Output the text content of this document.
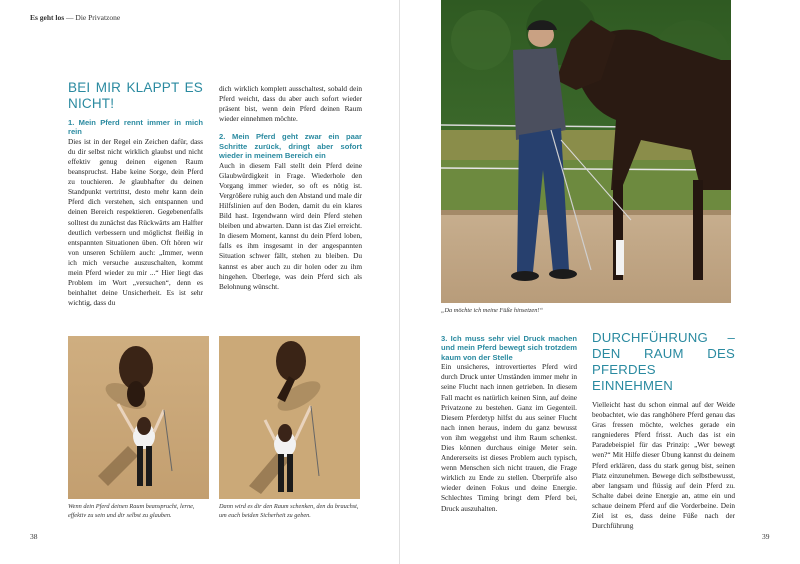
Es geht los — Die Privatzone
BEI MIR KLAPPT ES NICHT!

1. Mein Pferd rennt immer in mich rein

Dies ist in der Regel ein Zeichen dafür, dass du dir selbst nicht wirklich glaubst und nicht effektiv genug deinen eigenen Raum beanspruchst. Habe keine Sorge, dein Pferd zu touchieren. Je glaubhafter du deinen Standpunkt vertrittst, desto mehr kann dein Pferd dich verstehen, sich entspannen und deinen Bereich respektieren. Gegebenenfalls solltest du zunächst das Rückwärts am Halfter deutlich verbessern und möglichst fleißig in entspannten Situationen üben. Oft hören wir von unseren Schülern auch: „Immer, wenn ich mich versuche auszuschalten, kommt mein Pferd wieder zu mir ...“ Hier liegt das Problem im Wort „versuchen“, denn es beinhaltet deine Unsicherheit. Es ist sehr wichtig, dass du

dich wirklich komplett ausschaltest, sobald dein Pferd weicht, dass du aber auch sofort wieder präsent bist, wenn dein Pferd deinen Raum wieder einnehmen möchte.

2. Mein Pferd geht zwar ein paar Schritte zurück, dringt aber sofort wieder in meinem Bereich ein

Auch in diesem Fall stellt dein Pferd deine Glaubwürdigkeit in Frage. Wiederhole den Vorgang immer wieder, so oft es nötig ist. Vergrößere ruhig auch den Abstand und male dir Hilfslinien auf den Boden, damit du ein klares Bild hast. Irgendwann wird dein Pferd stehen bleiben und abwarten. Dann ist das Ziel erreicht. In diesem Moment, kannst du dein Pferd loben, falls es ihm insgesamt in der angespannten Situation schwer fällt, stehen zu bleiben. Du kannst es aber auch zu dir holen oder zu ihm hingehen. Überlege, was dein Pferd sich als Belohnung wünscht.

Wenn dein Pferd deinen Raum beansprucht, lerne, effektiv zu sein und dir selbst zu glauben.
Dann wird es dir den Raum schenken, den du brauchst, um euch beiden Sicherheit zu geben.
38
„Da möchte ich meine Füße hinsetzen!“

3. Ich muss sehr viel Druck machen und mein Pferd bewegt sich trotzdem kaum von der Stelle

Ein unsicheres, introvertiertes Pferd wird durch Druck unter Umständen immer mehr in seine Flucht nach innen getrieben. In diesem Fall macht es natürlich keinen Sinn, auf deine Privatzone zu bestehen. Ganz im Gegenteil. Diesem Pferdetyp hilfst du aus seiner Flucht nach innen heraus, indem du ganz bewusst von ihm weggehst und ihm Raum schenkst. Dies können durchaus einige Meter sein. Andererseits ist dieses Problem auch typisch, wenn Menschen sich nicht trauen, die Frage wirklich zu Ende zu stellen. Überprüfe also wieder deinen Fokus und deine Energie. Schlechtes Timing bringt dem Pferd bei, Druck auszuhalten.

DURCHFÜHRUNG – DEN RAUM DES PFERDES EINNEHMEN

Vielleicht hast du schon einmal auf der Weide beobachtet, wie das ranghöhere Pferd genau das Gras fressen möchte, welches gerade ein rangniederes Pferd frisst. Auch das ist ein Paradebeispiel für das Prinzip: „Wer bewegt wen?“ Mit Hilfe dieser Übung kannst du deinem Pferd erklären, dass du stark genug bist, seinen Platz einzunehmen. Bewege dich selbstbewusst, aber langsam und flüssig auf dein Pferd zu. Schalte dabei deine Energie an, atme ein und schaue deinem Pferd auf die Vorderbeine. Dein Ziel ist es, dass deine Füße nach der Durchführung

39
